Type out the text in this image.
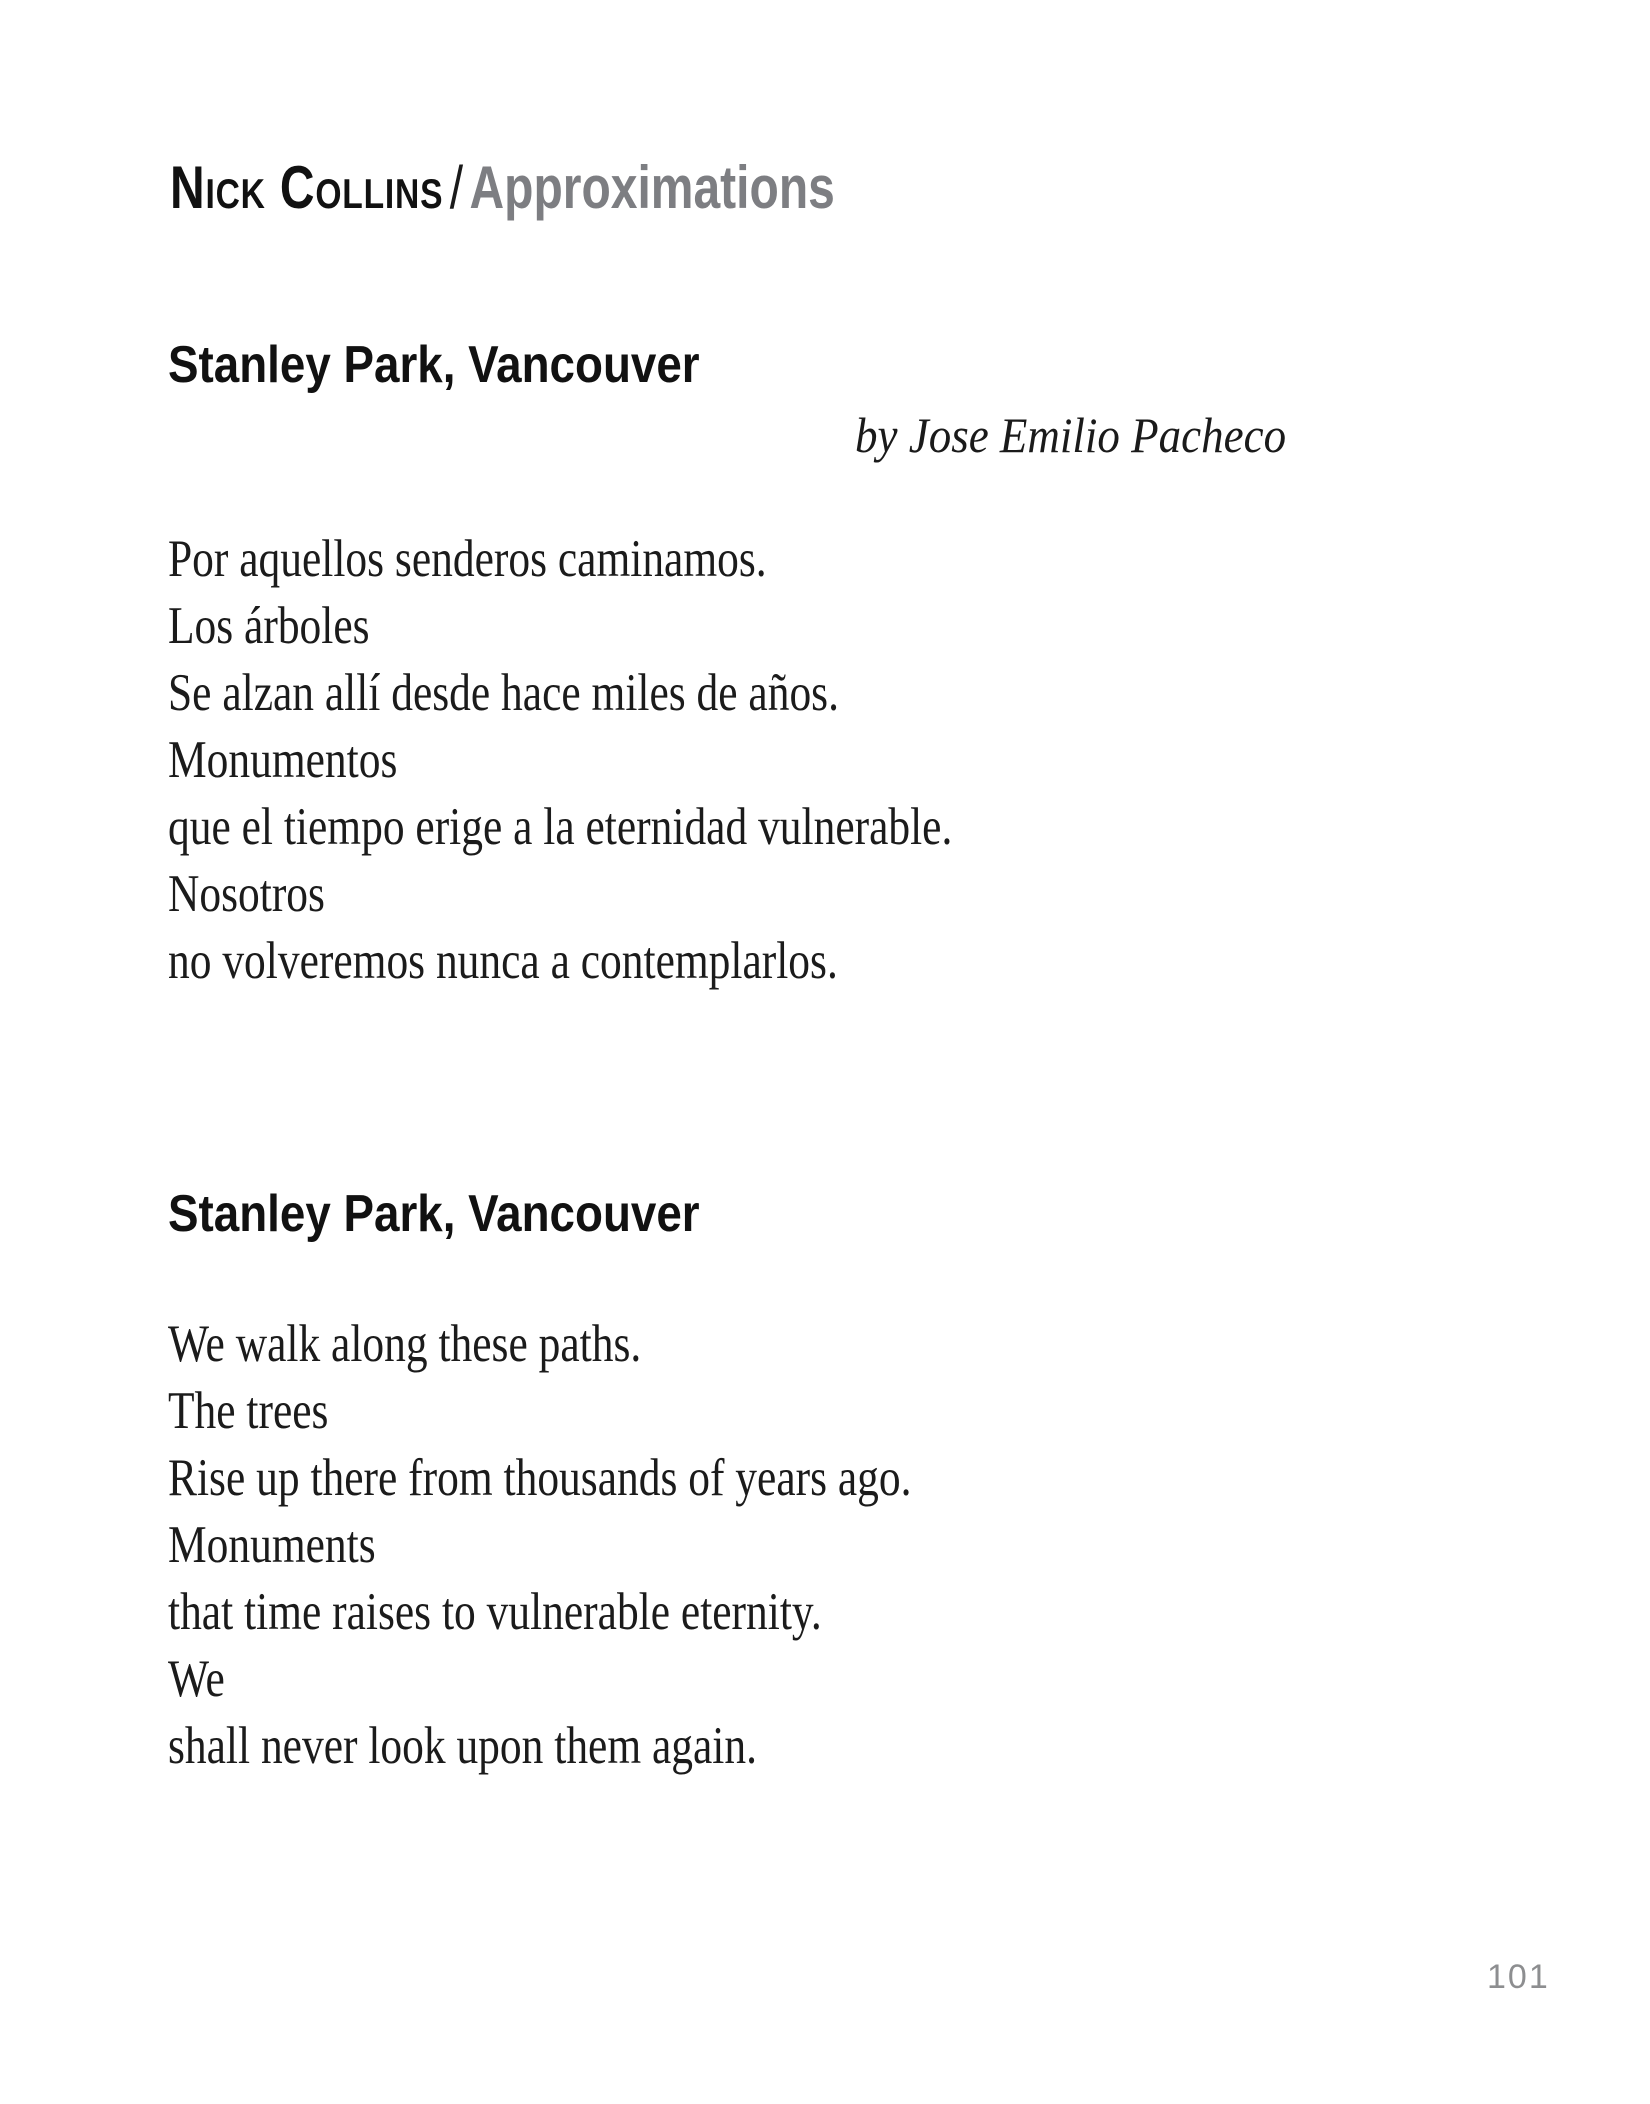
Nick Collins / Approximations
Stanley Park, Vancouver
by Jose Emilio Pacheco
Por aquellos senderos caminamos.
Los árboles
Se alzan allí desde hace miles de años.
Monumentos
que el tiempo erige a la eternidad vulnerable.
Nosotros
no volveremos nunca a contemplarlos.
Stanley Park, Vancouver
We walk along these paths.
The trees
Rise up there from thousands of years ago.
Monuments
that time raises to vulnerable eternity.
We
shall never look upon them again.
101
